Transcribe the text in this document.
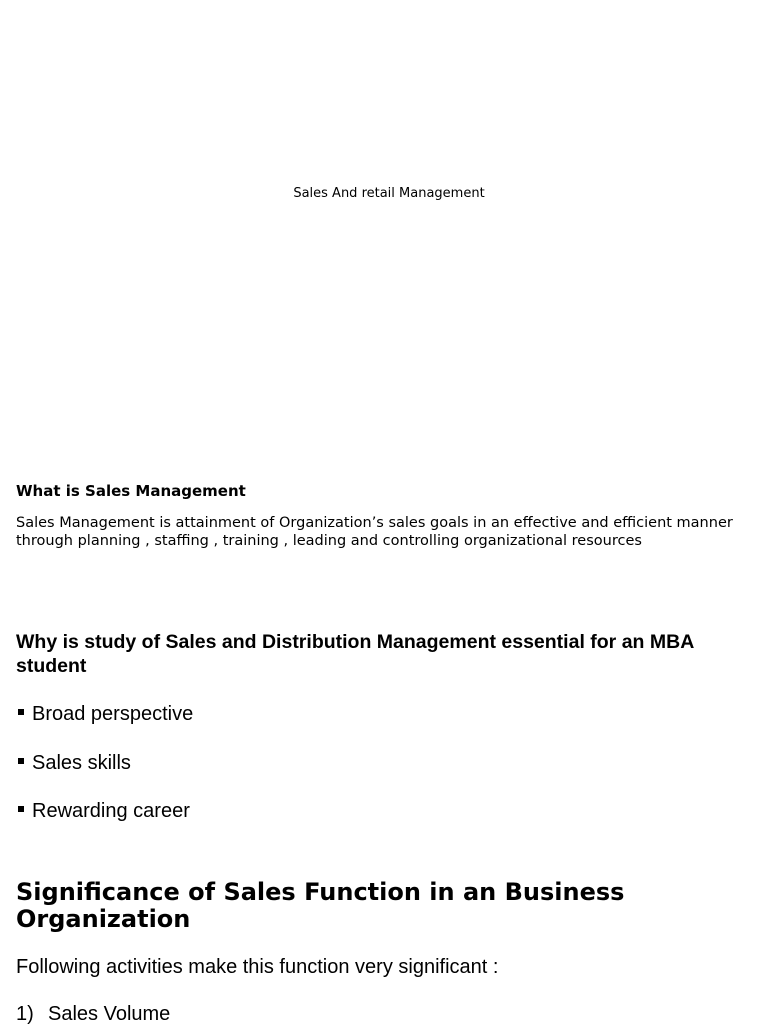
Sales And retail Management
What is Sales Management
Sales Management is attainment of Organization’s sales goals in an effective and efficient manner through planning , staffing , training , leading and controlling organizational resources
Why is study of Sales and Distribution Management essential for an MBA student
Broad perspective
Sales skills
Rewarding career
Significance of Sales Function in an Business Organization
Following activities make this function very significant :
1) Sales Volume
